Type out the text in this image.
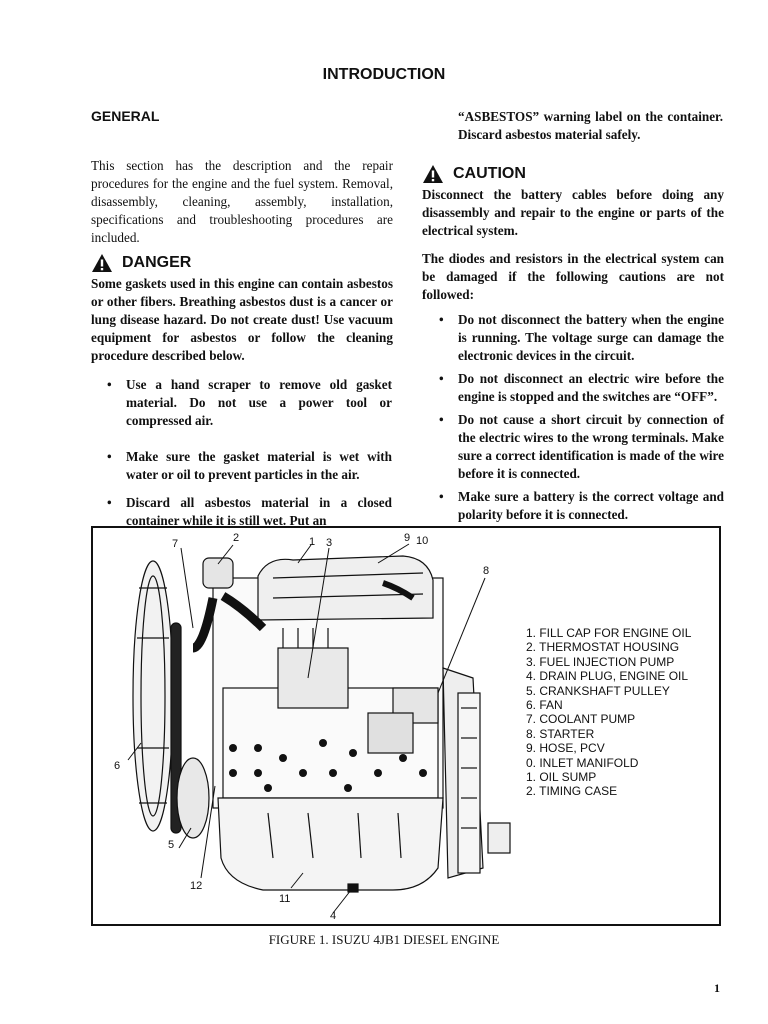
INTRODUCTION
GENERAL
This section has the description and the repair procedures for the engine and the fuel system. Removal, disassembly, cleaning, assembly, installation, specifications and troubleshooting procedures are included.
DANGER
Some gaskets used in this engine can contain asbestos or other fibers. Breathing asbestos dust is a cancer or lung disease hazard. Do not create dust! Use vacuum equipment for asbestos or follow the cleaning procedure described below.
• Use a hand scraper to remove old gasket material. Do not use a power tool or compressed air.
• Make sure the gasket material is wet with water or oil to prevent particles in the air.
• Discard all asbestos material in a closed container while it is still wet. Put an
“ASBESTOS” warning label on the container. Discard asbestos material safely.
CAUTION
Disconnect the battery cables before doing any disassembly and repair to the engine or parts of the electrical system.
The diodes and resistors in the electrical system can be damaged if the following cautions are not followed:
• Do not disconnect the battery when the engine is running. The voltage surge can damage the electronic devices in the circuit.
• Do not disconnect an electric wire before the engine is stopped and the switches are “OFF”.
• Do not cause a short circuit by connection of the electric wires to the wrong terminals. Make sure a correct identification is made of the wire before it is connected.
• Make sure a battery is the correct voltage and polarity before it is connected.
7	2	1 3	9 10
8
6
5
12
11
4
1. FILL CAP FOR ENGINE OIL
2. THERMOSTAT HOUSING
3. FUEL INJECTION PUMP
4. DRAIN PLUG, ENGINE OIL
5. CRANKSHAFT PULLEY
6. FAN
7. COOLANT PUMP
8. STARTER
9. HOSE, PCV
0. INLET MANIFOLD
1. OIL SUMP
2. TIMING CASE
FIGURE 1. ISUZU 4JB1 DIESEL ENGINE
1
